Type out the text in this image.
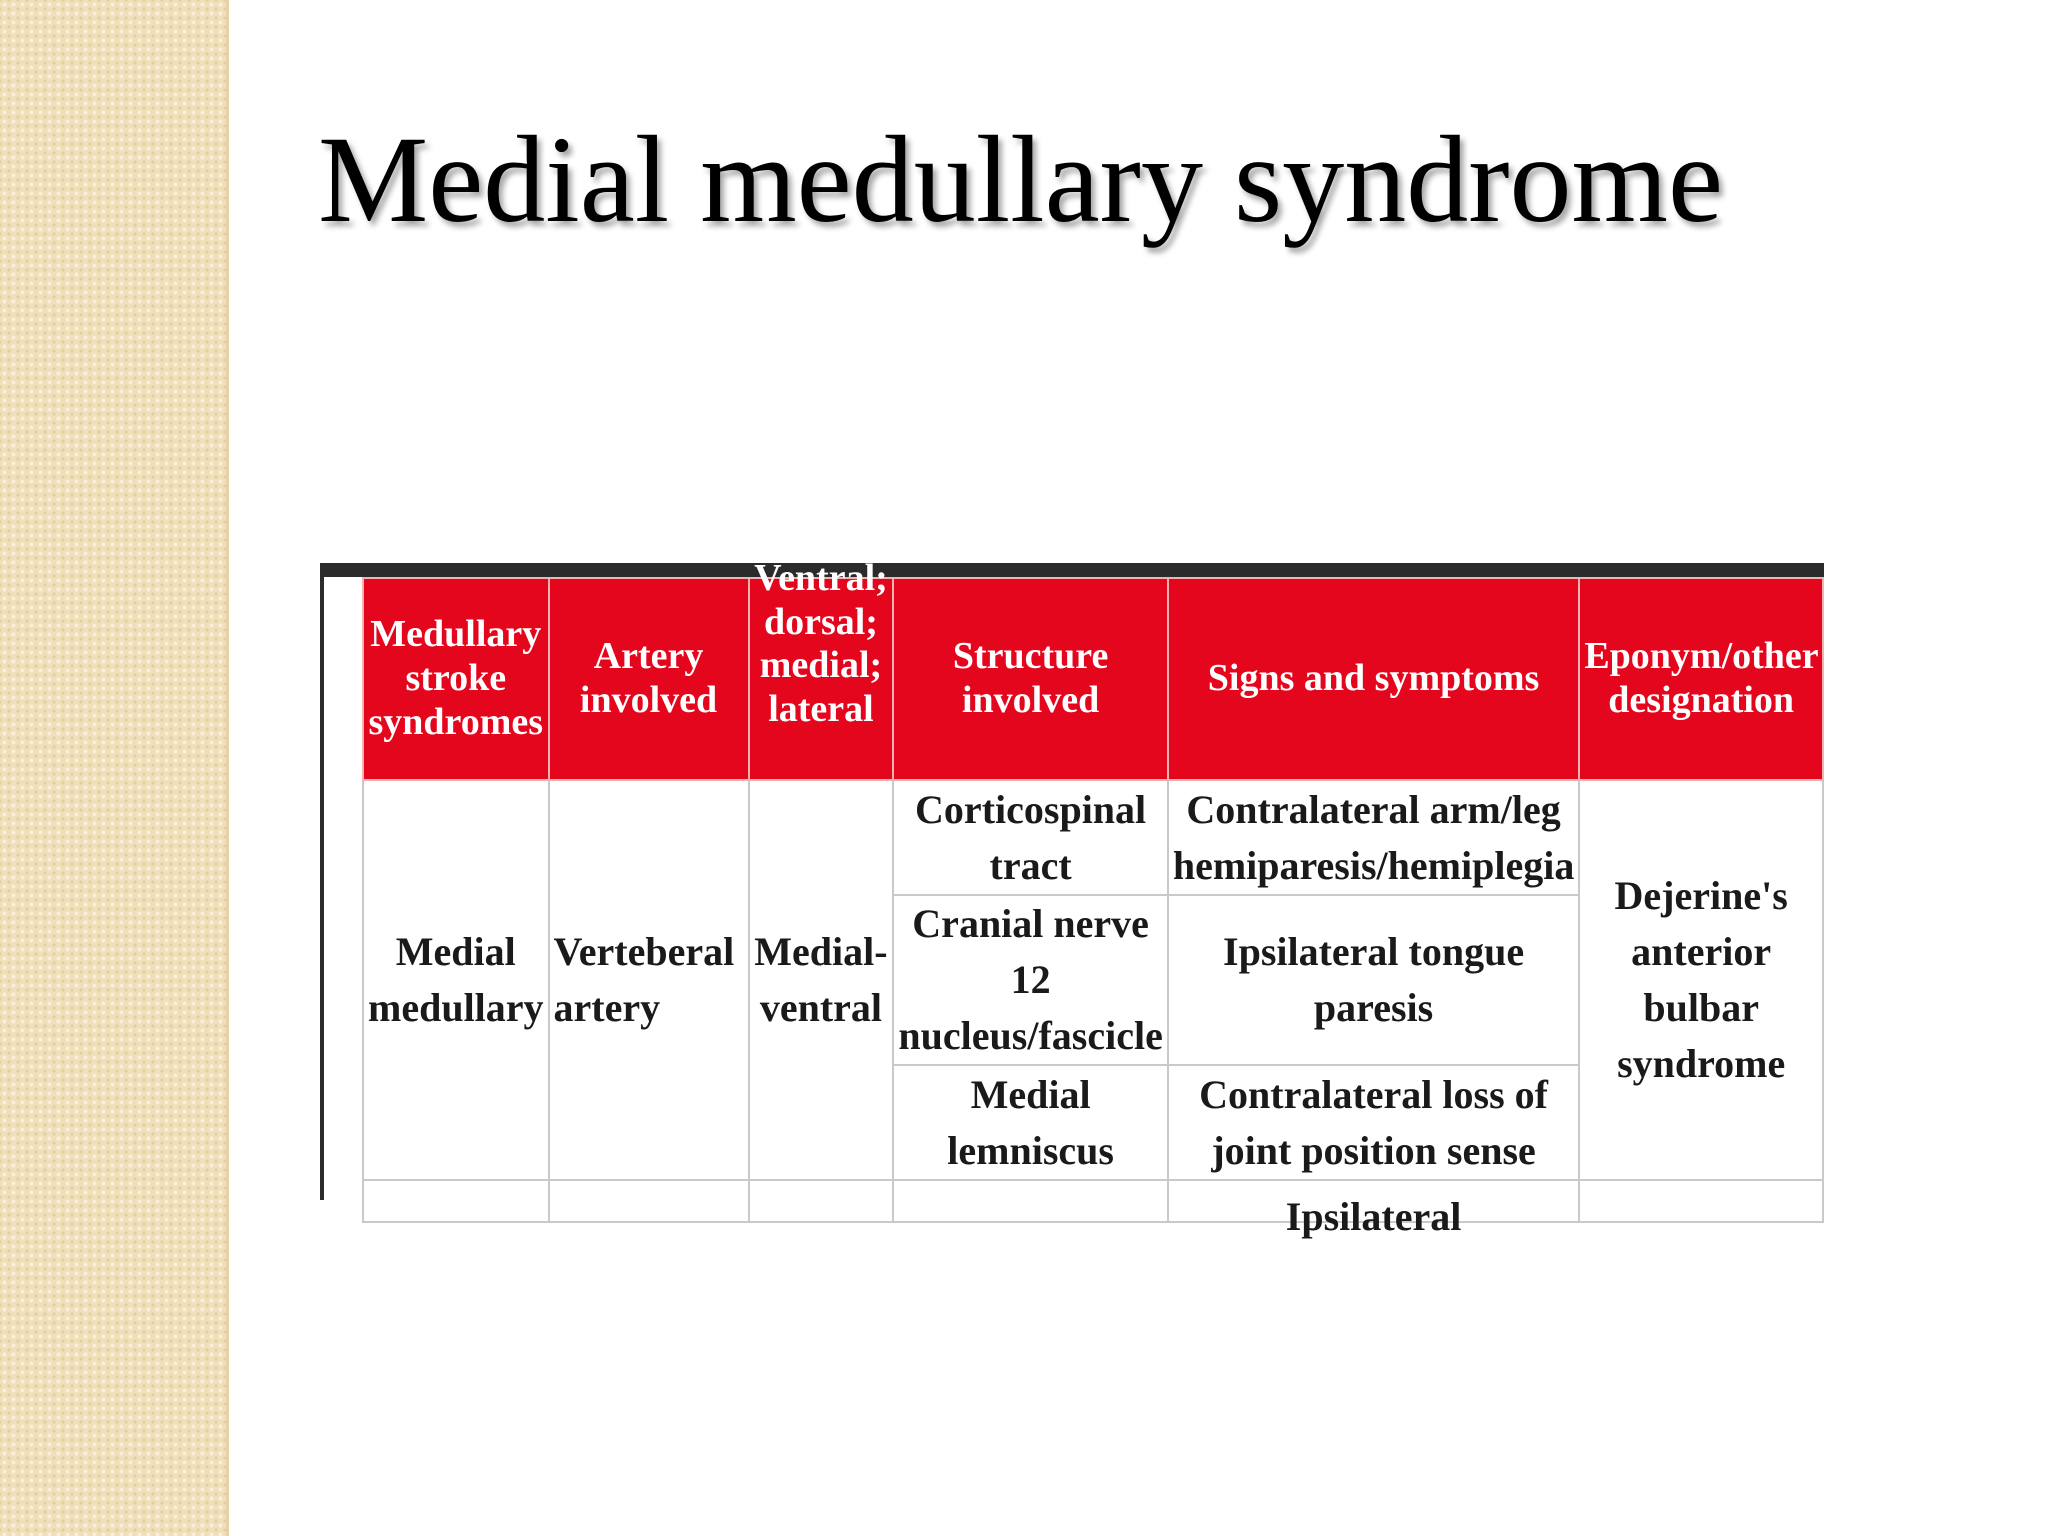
Medial medullary syndrome
Medullary stroke syndromes	Artery involved	Ventral; dorsal; medial; lateral	Structure involved	Signs and symptoms	Eponym/other designation
Medial medullary	Verteberal artery	Medial-ventral	Corticospinal tract	Contralateral arm/leg hemiparesis/hemiplegia	Dejerine's anterior bulbar syndrome
			Cranial nerve 12 nucleus/fascicle	Ipsilateral tongue paresis	
			Medial lemniscus	Contralateral loss of joint position sense	

				Ipsilateral	
